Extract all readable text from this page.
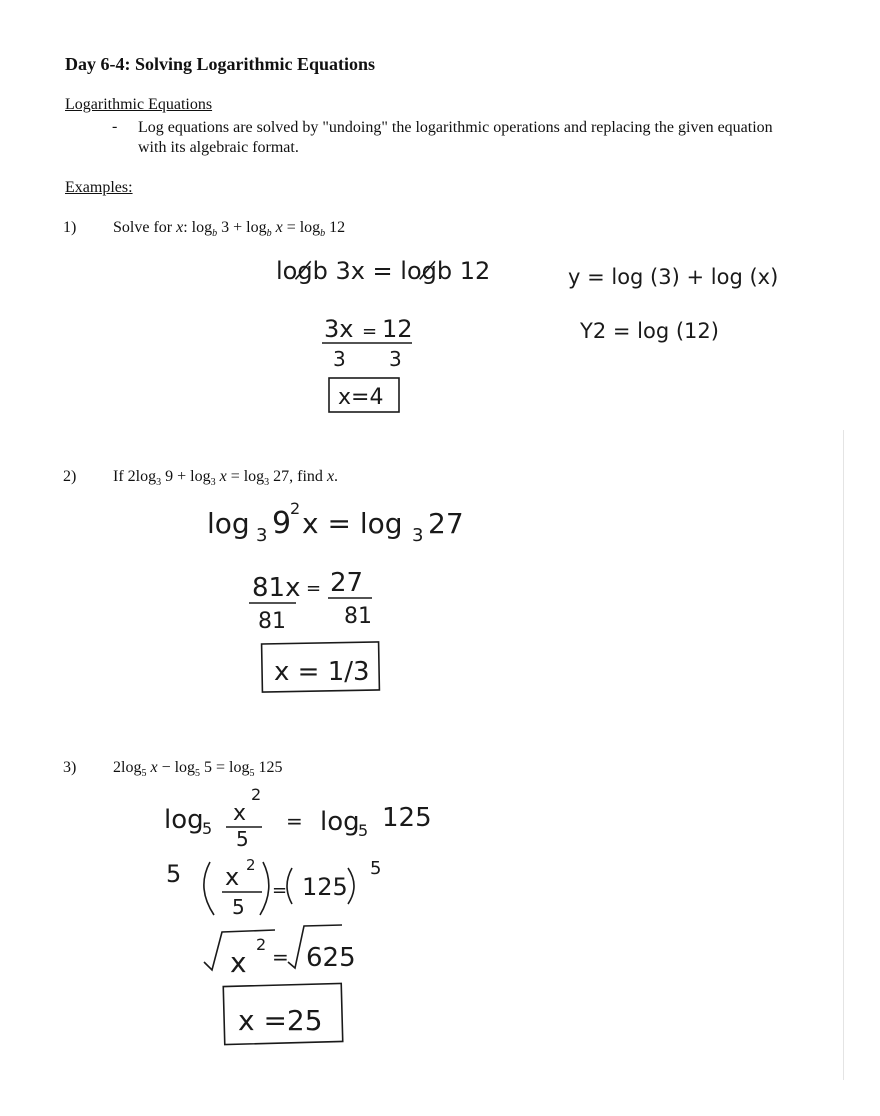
Day 6-4: Solving Logarithmic Equations
Logarithmic Equations
- Log equations are solved by "undoing" the logarithmic operations and replacing the given equation with its algebraic format.
Examples:
1) Solve for x: $\log_b 3 + \log_b x = \log_b 12$
2) If $2\log_3$ $9 + \log_3 x = \log_3 27$, find x.
3) $2\log_5$ $x - \log_5 5 = \log_5 125$
log̸b 3x = log̸b 12
3x = 12
3 3
x=4
y = log (3) + log (x)
Y2 = log (12)
log 3 9
2 x = log 3 27
81x = 27
81	81
x = 1/3
log
5
x
2
5
= log
5 125
5 x 2
5
= 125
5
x
2
= 625
x =25
